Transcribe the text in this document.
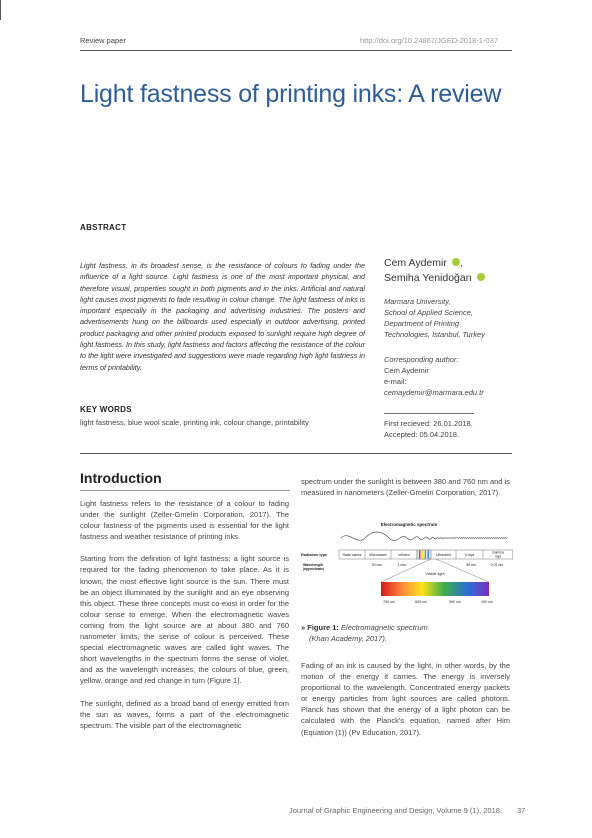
Review paper	http://doi.org/10.24867/JGED-2018-1-037
Light fastness of printing inks: A review
ABSTRACT

Light fastness, in its broadest sense, is the resistance of colours to fading under the influence of a light source. Light fastness is one of the most important physical, and therefore visual, properties sought in both pigments and in the inks. Artificial and natural light causes most pigments to fade resulting in colour change. The light fastness of inks is important especially in the packaging and advertising industries. The posters and advertisements hung on the billboards used especially in outdoor advertising, printed product packaging and other printed products exposed to sunlight require high degree of light fastness. In this study, light fastness and factors affecting the resistance of the colour to the light were investigated and suggestions were made regarding high light fastness in terms of printability.

KEY WORDS
light fastness, blue wool scale, printing ink, colour change, printability
Cem Aydemir ,
Semiha Yenidoğan
Marmara University,
School of Applied Science,
Department of Printing
Technologies, Istanbul, Turkey
Corresponding author:
Cem Aydemir
e-mail:
cemaydemir@marmara.edu.tr
First recieved: 26.01.2018.
Accepted: 05.04.2018.
Introduction

Light fastness refers to the resistance of a colour to fading under the sunlight (Zeller-Gmelin Corporation, 2017). The colour fastness of the pigments used is essential for the light fastness and weather resistance of printing inks.

Starting from the definition of light fastness; a light source is required for the fading phenomenon to take place. As it is known, the most effective light source is the sun. There must be an object illuminated by the sunlight and an eye observing this object. These three concepts must co-exist in order for the colour sense to emerge. When the electromagnetic waves coming from the light source are at about 380 and 760 nanometer limits, the sense of colour is perceived. These special electromagnetic waves are called light waves. The short wavelengths in the spectrum forms the sense of violet, and as the wavelength increases, the colours of blue, green, yellow, orange and red change in turn (Figure 1).

The sunlight, defined as a broad band of energy emitted from the sun as waves, forms a part of the electromagnetic spectrum. The visible part of the electromagnetic

spectrum under the sunlight is between 380 and 760 nm and is measured in nanometers (Zeller-Gmelin Corporation, 2017).

Electromagnetic spectrum
Radiation type	Radio waves Microwaves	Infrared	Ultraviolet	X-rays
Gamma rays
Wavelength
(approximate)
30 mm	1 mm	30 nm	0.01 nm
Visible light
700 nm	600 nm	500 nm	400 nm
» Figure 1: Electromagnetic spectrum
(Khan Academy, 2017).

Fading of an ink is caused by the light, in other words, by the motion of the energy it carries. The energy is inversely proportional to the wavelength. Concentrated energy packets or energy particles from light sources are called photons. Planck has shown that the energy of a light photon can be calculated with the Planck's equation, named after Him (Equation (1)) (Pv Education, 2017).

Journal of Graphic Engineering and Design, Volume 9 (1), 2018. 37
